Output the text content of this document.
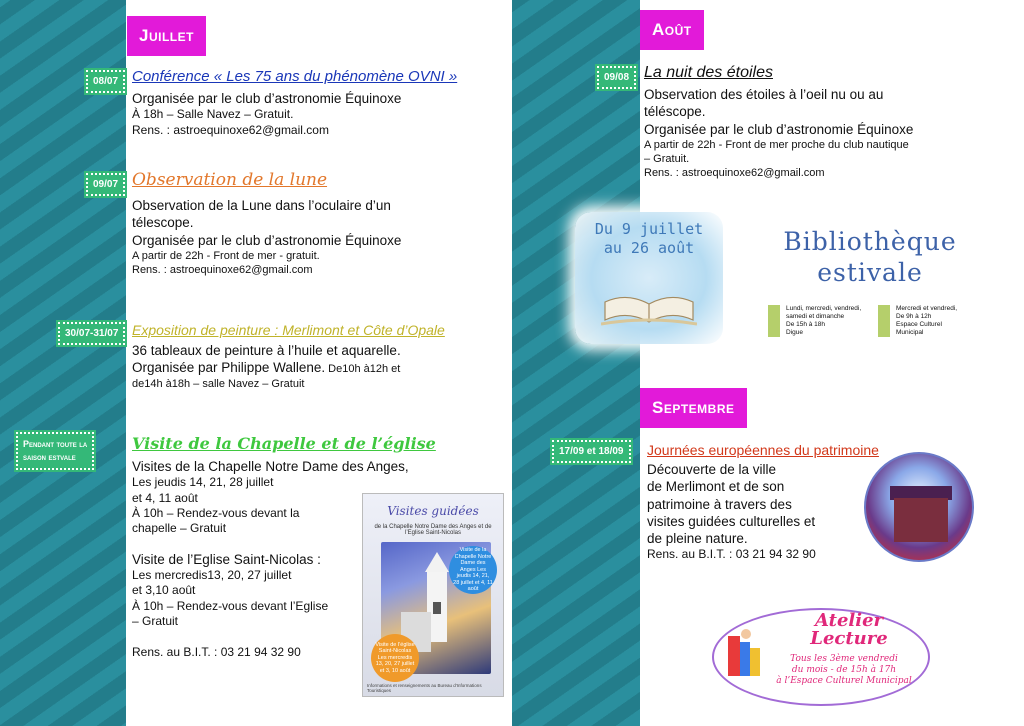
Juillet	Août
Septembre
08/07 Conférence « Les 75 ans du phénomène OVNI »
Organisée par le club d’astronomie Équinoxe
À 18h – Salle Navez – Gratuit.
Rens. : astroequinoxe62@gmail.com
09/07 Observation de la lune
Observation de la Lune dans l’oculaire d’un
télescope.
Organisée par le club d’astronomie Équinoxe
A partir de 22h - Front de mer - gratuit.
Rens. : astroequinoxe62@gmail.com
30/07-31/07 Exposition de peinture : Merlimont et Côte d’Opale
36 tableaux de peinture à l’huile et aquarelle.
Organisée par Philippe Wallene. De10h à12h et
de14h à18h – salle Navez – Gratuit
Pendant toute la
saison estvale
Visite de la Chapelle et de l’église
Visites de la Chapelle Notre Dame des Anges,
Les jeudis 14, 21, 28 juillet
et 4, 11 août
À 10h – Rendez-vous devant la
chapelle – Gratuit
Visite de l’Eglise Saint-Nicolas :
Les mercredis13, 20, 27 juillet
et 3,10 août
À 10h – Rendez-vous devant l’Eglise
– Gratuit
Rens. au B.I.T. : 03 21 94 32 90
Visites guidées
de la Chapelle Notre Dame des Anges et de l’Eglise Saint-Nicolas
Visite de la Chapelle Notre Dame des Anges Les jeudis 14, 21, 28 juillet et 4, 11 août
Visite de l’église Saint-Nicolas Les mercredis 13, 20, 27 juillet et 3, 10 août
Informations et renseignements au Bureau d’Informations Touristiques
09/08 La nuit des étoiles
Observation des étoiles à l’oeil nu ou au
téléscope.
Organisée par le club d’astronomie Équinoxe
A partir de 22h - Front de mer proche du club nautique
– Gratuit.
Rens. : astroequinoxe62@gmail.com
Du 9 juillet
au 26 août	Bibliothèque
estivale
Lundi, mercredi, vendredi,
samedi et dimanche
De 15h à 18h
Digue
Mercredi et vendredi,
De 9h à 12h
Espace Culturel
Municipal
17/09 et 18/09	Journées européennes du patrimoine
Découverte de la ville
de Merlimont et de son
patrimoine à travers des
visites guidées culturelles et
de pleine nature.
Rens. au B.I.T. : 03 21 94 32 90
Atelier
Lecture
Tous les 3ème vendredi
du mois - de 15h à 17h
à l’Espace Culturel Municipal
